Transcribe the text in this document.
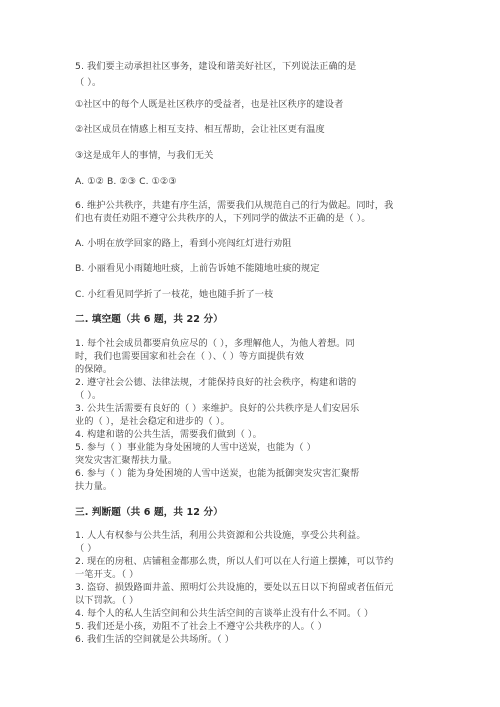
5. 我们要主动承担社区事务，建设和谐美好社区，下列说法正确的是
（ ）。
①社区中的每个人既是社区秩序的受益者，也是社区秩序的建设者
②社区成员在情感上相互支持、相互帮助，会让社区更有温度
③这是成年人的事情，与我们无关
A. ①② B. ②③ C. ①②③
6. 维护公共秩序，共建有序生活，需要我们从规范自己的行为做起。同时，我
们也有责任劝阻不遵守公共秩序的人，下列同学的做法不正确的是（ ）。
A. 小明在放学回家的路上，看到小亮闯红灯进行劝阻
B. 小丽看见小雨随地吐痰，上前告诉她不能随地吐痰的规定
C. 小红看见同学折了一枝花，她也随手折了一枝
二. 填空题（共 6 题，共 22 分）
1. 每个社会成员都要肩负应尽的（ ），多理解他人，为他人着想。同
时，我们也需要国家和社会在（ ）、（ ）等方面提供有效
的保障。
2. 遵守社会公德、法律法规，才能保持良好的社会秩序，构建和谐的
（ ）。
3. 公共生活需要有良好的（ ）来维护。良好的公共秩序是人们安居乐
业的（ ），是社会稳定和进步的（ ）。
4. 构建和谐的公共生活，需要我们做到（ ）。
5. 参与（ ）事业能为身处困境的人雪中送炭，也能为（ ）
突发灾害汇聚帮扶力量。
6. 参与（ ）能为身处困境的人雪中送炭，也能为抵御突发灾害汇聚帮
扶力量。
三. 判断题（共 6 题，共 12 分）
1. 人人有权参与公共生活，利用公共资源和公共设施，享受公共利益。
（ ）
2. 现在的房租、店铺租金都那么贵，所以人们可以在人行道上摆摊，可以节约
一笔开支。（ ）
3. 盗窃、损毁路面井盖、照明灯公共设施的，要处以五日以下拘留或者伍佰元
以下罚款。（ ）
4. 每个人的私人生活空间和公共生活空间的言谈举止没有什么不同。（ ）
5. 我们还是小孩，劝阻不了社会上不遵守公共秩序的人。（ ）
6. 我们生活的空间就是公共场所。（ ）
